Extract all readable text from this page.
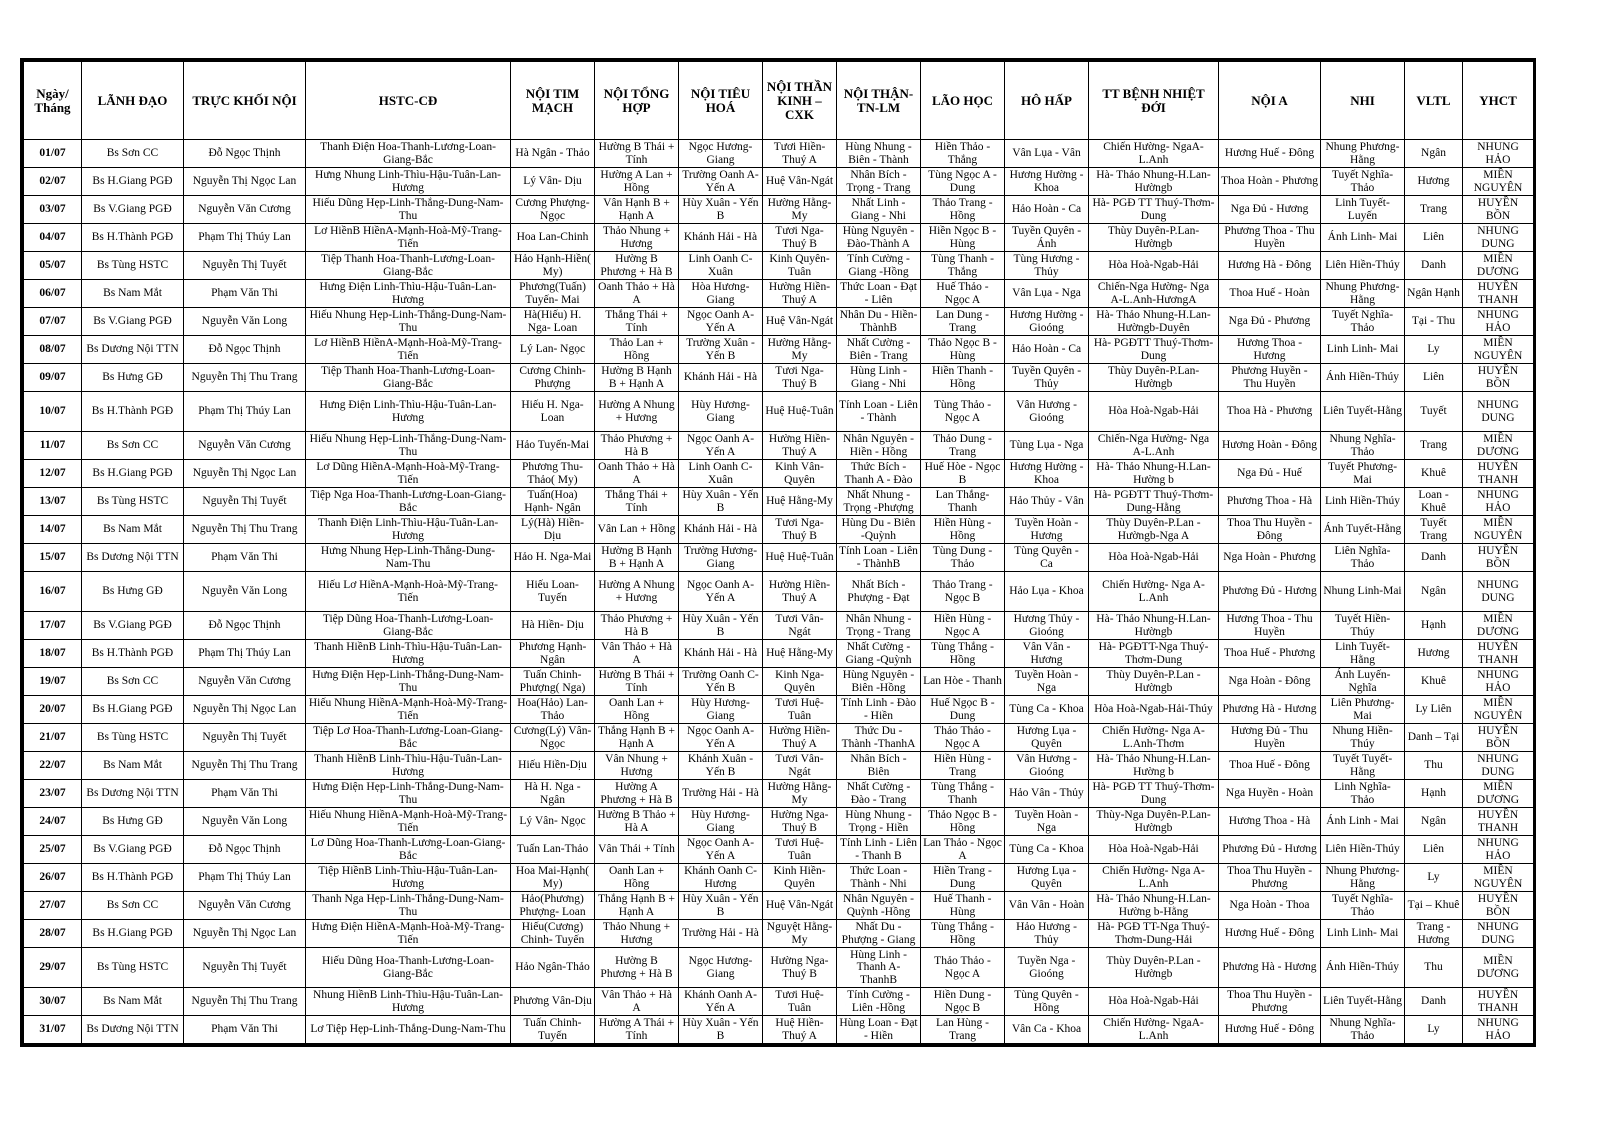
Ngày/ Tháng	LÃNH ĐẠO	TRỰC KHỐI NỘI	HSTC-CĐ	NỘI TIM MẠCH	NỘI TỔNG HỢP	NỘI TIÊU HOÁ	NỘI THẦN KINH – CXK	NỘI THẬN-TN-LM	LÃO HỌC	HÔ HẤP	TT BỆNH NHIỆT ĐỚI	NỘI A	NHI	VLTL	YHCT
01/07	Bs Sơn CC	Đỗ Ngọc Thịnh	Thanh Điện Hoa-Thanh-Lương-Loan-Giang-Bắc	Hà Ngân - Thảo	Hường B Thái + Tính	Ngọc Hương-Giang	Tươi Hiền-Thuý A	Hùng Nhung - Biên - Thành	Hiền Thảo - Thắng	Vân Lụa - Vân	Chiến Hường- NgaA-L.Anh	Hương Huế - Đông	Nhung Phương-Hằng	Ngân	NHUNG HẢO
02/07	Bs H.Giang PGĐ	Nguyễn Thị Ngọc Lan	Hưng Nhung Linh-Thìu-Hậu-Tuân-Lan-Hương	Lý Vân- Dịu	Hường A Lan + Hồng	Trường Oanh A- Yến A	Huệ Vân-Ngát	Nhân Bích - Trọng - Trang	Tùng Ngọc A - Dung	Hương Hường - Khoa	Hà- Thảo Nhung-H.Lan-Hườngb	Thoa Hoàn - Phương	Tuyết Nghĩa-Thảo	Hương	MIỀN NGUYÊN
03/07	Bs V.Giang PGĐ	Nguyễn Văn Cương	Hiếu Dũng Hẹp-Linh-Thắng-Dung-Nam-Thu	Cương Phượng-Ngọc	Vân Hạnh B + Hạnh A	Hùy Xuân - Yến B	Hường Hằng-My	Nhất Linh - Giang - Nhi	Thảo Trang - Hồng	Hảo Hoàn - Ca	Hà- PGĐ TT Thuý-Thơm-Dung	Nga Đủ - Hương	Linh Tuyết-Luyến	Trang	HUYỀN BỒN
04/07	Bs H.Thành PGĐ	Phạm Thị Thúy Lan	Lơ HiềnB HiềnA-Mạnh-Hoà-Mỹ-Trang-Tiến	Hoa Lan-Chinh	Thảo Nhung + Hương	Khánh Hải - Hà	Tươi Nga-Thuý B	Hùng Nguyên - Đào-Thành A	Hiền Ngọc B - Hùng	Tuyền Quyên - Ánh	Thùy Duyên-P.Lan-Hườngb	Phương Thoa - Thu Huyền	Ánh Linh- Mai	Liên	NHUNG DUNG
05/07	Bs Tùng HSTC	Nguyễn Thị Tuyết	Tiệp Thanh Hoa-Thanh-Lương-Loan-Giang-Bắc	Hảo Hạnh-Hiền( My)	Hường B Phương + Hà B	Linh Oanh C- Xuân	Kinh Quyên-Tuân	Tính Cường - Giang -Hồng	Tùng Thanh - Thắng	Tùng Hương - Thủy	Hòa Hoà-Ngab-Hải	Hương Hà - Đông	Liên Hiền-Thúy	Danh	MIỀN DƯƠNG
06/07	Bs Nam Mắt	Phạm Văn Thi	Hưng Điện Linh-Thìu-Hậu-Tuân-Lan-Hương	Phương(Tuấn) Tuyến- Mai	Oanh Thảo + Hà A	Hòa Hương-Giang	Hường Hiền-Thuý A	Thức Loan - Đạt - Liên	Huế Thảo - Ngọc A	Vân Lụa - Nga	Chiến-Nga Hường- Nga A-L.Anh-HươngA	Thoa Huế - Hoàn	Nhung Phương-Hằng	Ngân Hạnh	HUYỀN THANH
07/07	Bs V.Giang PGĐ	Nguyễn Văn Long	Hiếu Nhung Hẹp-Linh-Thắng-Dung-Nam-Thu	Hà(Hiếu) H. Nga- Loan	Thắng Thái + Tính	Ngọc Oanh A- Yến A	Huệ Vân-Ngát	Nhân Du - Hiền- ThànhB	Lan Dung - Trang	Hương Hường - Gioóng	Hà- Thảo Nhung-H.Lan-Hườngb-Duyên	Nga Đủ - Phương	Tuyết Nghĩa-Thảo	Tại - Thu	NHUNG HẢO
08/07	Bs Dương Nội TTN	Đỗ Ngọc Thịnh	Lơ HiềnB HiềnA-Mạnh-Hoà-Mỹ-Trang-Tiến	Lý Lan- Ngọc	Thảo Lan + Hồng	Trường Xuân - Yến B	Hường Hằng-My	Nhất Cường - Biên - Trang	Thảo Ngọc B - Hùng	Hảo Hoàn - Ca	Hà- PGĐTT Thuý-Thơm-Dung	Hương Thoa - Hương	Linh Linh- Mai	Ly	MIỀN NGUYÊN
09/07	Bs Hưng GĐ	Nguyễn Thị Thu Trang	Tiệp Thanh Hoa-Thanh-Lương-Loan-Giang-Bắc	Cương Chinh-Phượng	Hường B Hạnh B + Hạnh A	Khánh Hải - Hà	Tươi Nga-Thuý B	Hùng Linh - Giang - Nhi	Hiền Thanh - Hồng	Tuyền Quyên - Thủy	Thùy Duyên-P.Lan-Hườngb	Phương Huyền - Thu Huyền	Ánh Hiền-Thúy	Liên	HUYỀN BỒN
10/07	Bs H.Thành PGĐ	Phạm Thị Thúy Lan	Hưng Điện Linh-Thìu-Hậu-Tuân-Lan-Hương	Hiếu H. Nga-Loan	Hường A Nhung + Hương	Hùy Hương-Giang	Huệ Huệ-Tuân	Tính Loan - Liên - Thành	Tùng Thảo - Ngọc A	Vân Hương - Gioóng	Hòa Hoà-Ngab-Hải	Thoa Hà - Phương	Liên Tuyết-Hằng	Tuyết	NHUNG DUNG
11/07	Bs Sơn CC	Nguyễn Văn Cương	Hiếu Nhung Hẹp-Linh-Thắng-Dung-Nam-Thu	Hảo Tuyến-Mai	Thảo Phương + Hà B	Ngọc Oanh A- Yến A	Hường Hiền-Thuý A	Nhân Nguyên - Hiền - Hồng	Thảo Dung - Trang	Tùng Lụa - Nga	Chiến-Nga Hường- Nga A-L.Anh	Hương Hoàn - Đông	Nhung Nghĩa-Thảo	Trang	MIỀN DƯƠNG
12/07	Bs H.Giang PGĐ	Nguyễn Thị Ngọc Lan	Lơ Dũng HiềnA-Mạnh-Hoà-Mỹ-Trang-Tiến	Phương Thu-Thảo( My)	Oanh Thảo + Hà A	Linh Oanh C- Xuân	Kinh Vân-Quyên	Thức Bích - Thanh A - Đào	Huế Hòe - Ngọc B	Hương Hường - Khoa	Hà- Thảo Nhung-H.Lan-Hường b	Nga Đủ - Huế	Tuyết Phương-Mai	Khuê	HUYỀN THANH
13/07	Bs Tùng HSTC	Nguyễn Thị Tuyết	Tiệp Nga Hoa-Thanh-Lương-Loan-Giang-Bắc	Tuấn(Hoa) Hạnh- Ngân	Thắng Thái + Tính	Hùy Xuân - Yến B	Huệ Hằng-My	Nhất Nhung - Trọng -Phượng	Lan Thắng-Thanh	Hảo Thủy - Vân	Hà- PGĐTT Thuý-Thơm-Dung-Hằng	Phương Thoa - Hà	Linh Hiền-Thúy	Loan - Khuê	NHUNG HẢO
14/07	Bs Nam Mắt	Nguyễn Thị Thu Trang	Thanh Điện Linh-Thìu-Hậu-Tuân-Lan-Hương	Lý(Hà) Hiền-Dịu	Vân Lan + Hồng	Khánh Hải - Hà	Tươi Nga-Thuý B	Hùng Du - Biên -Quỳnh	Hiền Hùng - Hồng	Tuyền Hoàn - Hương	Thùy Duyên-P.Lan - Hườngb-Nga A	Thoa Thu Huyền - Đông	Ánh Tuyết-Hằng	Tuyết Trang	MIỀN NGUYÊN
15/07	Bs Dương Nội TTN	Phạm Văn Thi	Hưng Nhung Hẹp-Linh-Thắng-Dung-Nam-Thu	Hảo H. Nga-Mai	Hường B Hạnh B + Hạnh A	Trường Hương-Giang	Huệ Huệ-Tuân	Tính Loan - Liên - ThànhB	Tùng Dung - Thảo	Tùng Quyên - Ca	Hòa Hoà-Ngab-Hải	Nga Hoàn - Phương	Liên Nghĩa-Thảo	Danh	HUYỀN BỒN
16/07	Bs Hưng GĐ	Nguyễn Văn Long	Hiếu Lơ HiềnA-Mạnh-Hoà-Mỹ-Trang-Tiến	Hiếu Loan-Tuyến	Hường A Nhung + Hương	Ngọc Oanh A- Yến A	Hường Hiền-Thuý A	Nhất Bích - Phượng - Đạt	Thảo Trang - Ngọc B	Hảo Lụa - Khoa	Chiến Hường- Nga A-L.Anh	Phương Đủ - Hương	Nhung Linh-Mai	Ngân	NHUNG DUNG
17/07	Bs V.Giang PGĐ	Đỗ Ngọc Thịnh	Tiệp Dũng Hoa-Thanh-Lương-Loan-Giang-Bắc	Hà Hiền- Dịu	Thảo Phương + Hà B	Hùy Xuân - Yến B	Tươi Vân-Ngát	Nhân Nhung - Trọng - Trang	Hiền Hùng - Ngọc A	Hương Thủy - Gioóng	Hà- Thảo Nhung-H.Lan-Hườngb	Hương Thoa - Thu Huyền	Tuyết Hiền-Thúy	Hạnh	MIỀN DƯƠNG
18/07	Bs H.Thành PGĐ	Phạm Thị Thúy Lan	Thanh HiềnB Linh-Thìu-Hậu-Tuân-Lan-Hương	Phương Hạnh-Ngân	Vân Thảo + Hà A	Khánh Hải - Hà	Huệ Hằng-My	Nhất Cường - Giang -Quỳnh	Tùng Thắng - Hồng	Vân Vân - Hương	Hà- PGĐTT-Nga Thuý-Thơm-Dung	Thoa Huế - Phương	Linh Tuyết-Hằng	Hương	HUYỀN THANH
19/07	Bs Sơn CC	Nguyễn Văn Cương	Hưng Điện Hẹp-Linh-Thắng-Dung-Nam-Thu	Tuấn Chinh-Phượng( Nga)	Hường B Thái + Tính	Trường Oanh C- Yến B	Kinh Nga-Quyên	Hùng Nguyên - Biên -Hồng	Lan Hòe - Thanh	Tuyền Hoàn - Nga	Thùy Duyên-P.Lan - Hườngb	Nga Hoàn - Đông	Ánh Luyến-Nghĩa	Khuê	NHUNG HẢO
20/07	Bs H.Giang PGĐ	Nguyễn Thị Ngọc Lan	Hiếu Nhung HiềnA-Mạnh-Hoà-Mỹ-Trang-Tiến	Hoa(Hảo) Lan-Thảo	Oanh Lan + Hồng	Hùy Hương-Giang	Tươi Huệ-Tuân	Tính Linh - Đào - Hiền	Huế Ngọc B - Dung	Tùng Ca - Khoa	Hòa Hoà-Ngab-Hải-Thúy	Phương Hà - Hương	Liên Phương-Mai	Ly Liên	MIỀN NGUYÊN
21/07	Bs Tùng HSTC	Nguyễn Thị Tuyết	Tiệp Lơ Hoa-Thanh-Lương-Loan-Giang-Bắc	Cương(Lý) Vân- Ngọc	Thắng Hạnh B + Hạnh A	Ngọc Oanh A- Yến A	Hường Hiền-Thuý A	Thức Du - Thành -ThanhA	Thảo Thảo - Ngọc A	Hương Lụa - Quyên	Chiến Hường- Nga A-L.Anh-Thơm	Hương Đủ - Thu Huyền	Nhung Hiền-Thúy	Danh – Tại	HUYỀN BỒN
22/07	Bs Nam Mắt	Nguyễn Thị Thu Trang	Thanh HiềnB Linh-Thìu-Hậu-Tuân-Lan-Hương	Hiếu Hiền-Dịu	Vân Nhung + Hương	Khánh Xuân - Yến B	Tươi Vân-Ngát	Nhân Bích - Biên	Hiền Hùng - Trang	Vân Hương - Gioóng	Hà- Thảo Nhung-H.Lan-Hường b	Thoa Huế - Đông	Tuyết Tuyết-Hằng	Thu	NHUNG DUNG
23/07	Bs Dương Nội TTN	Phạm Văn Thi	Hưng Điện Hẹp-Linh-Thắng-Dung-Nam-Thu	Hà H. Nga - Ngân	Hường A Phương + Hà B	Trường Hải - Hà	Hường Hằng-My	Nhất Cường - Đào - Trang	Tùng Thắng - Thanh	Hảo Vân - Thủy	Hà- PGĐ TT Thuý-Thơm-Dung	Nga Huyền - Hoàn	Linh Nghĩa-Thảo	Hạnh	MIỀN DƯƠNG
24/07	Bs Hưng GĐ	Nguyễn Văn Long	Hiếu Nhung HiềnA-Mạnh-Hoà-Mỹ-Trang-Tiến	Lý Vân- Ngọc	Hường B Thảo + Hà A	Hùy Hương-Giang	Hường Nga-Thuý B	Hùng Nhung - Trọng - Hiền	Thảo Ngọc B - Hồng	Tuyền Hoàn - Nga	Thùy-Nga Duyên-P.Lan-Hườngb	Hương Thoa - Hà	Ánh Linh - Mai	Ngân	HUYỀN THANH
25/07	Bs V.Giang PGĐ	Đỗ Ngọc Thịnh	Lơ Dũng Hoa-Thanh-Lương-Loan-Giang-Bắc	Tuấn Lan-Thảo	Vân Thái + Tính	Ngọc Oanh A- Yến A	Tươi Huệ-Tuân	Tính Linh - Liên - Thanh B	Lan Thảo - Ngọc A	Tùng Ca - Khoa	Hòa Hoà-Ngab-Hải	Phương Đủ - Hương	Liên Hiền-Thúy	Liên	NHUNG HẢO
26/07	Bs H.Thành PGĐ	Phạm Thị Thúy Lan	Tiệp HiềnB Linh-Thìu-Hậu-Tuân-Lan-Hương	Hoa Mai-Hạnh( My)	Oanh Lan + Hồng	Khánh Oanh C-Hương	Kinh Hiền-Quyên	Thức Loan - Thành - Nhi	Hiền Trang - Dung	Hương Lụa - Quyên	Chiến Hường- Nga A-L.Anh	Thoa Thu Huyền - Phương	Nhung Phương-Hằng	Ly	MIỀN NGUYÊN
27/07	Bs Sơn CC	Nguyễn Văn Cương	Thanh Nga Hẹp-Linh-Thắng-Dung-Nam-Thu	Hảo(Phương) Phượng- Loan	Thắng Hạnh B + Hạnh A	Hùy Xuân - Yến B	Huệ Vân-Ngát	Nhân Nguyên - Quỳnh -Hồng	Huế Thanh - Hùng	Vân Vân - Hoàn	Hà- Thảo Nhung-H.Lan-Hường b-Hằng	Nga Hoàn - Thoa	Tuyết Nghĩa-Thảo	Tại – Khuê	HUYỀN BỒN
28/07	Bs H.Giang PGĐ	Nguyễn Thị Ngọc Lan	Hưng Điện HiềnA-Mạnh-Hoà-Mỹ-Trang-Tiến	Hiếu(Cương) Chinh- Tuyến	Thảo Nhung + Hương	Trường Hải - Hà	Nguyệt Hằng- My	Nhất Du - Phượng - Giang	Tùng Thắng - Hồng	Hảo Hương - Thủy	Hà- PGĐ TT-Nga Thuý-Thơm-Dung-Hải	Hương Huế - Đông	Linh Linh- Mai	Trang - Hương	NHUNG DUNG
29/07	Bs Tùng HSTC	Nguyễn Thị Tuyết	Hiếu Dũng Hoa-Thanh-Lương-Loan-Giang-Bắc	Hảo Ngân-Thảo	Hường B Phương + Hà B	Ngọc Hương-Giang	Hường Nga-Thuý B	Hùng Linh - Thanh A-ThanhB	Thảo Thảo - Ngọc A	Tuyền Nga - Gioóng	Thùy Duyên-P.Lan - Hườngb	Phương Hà - Hương	Ánh Hiền-Thúy	Thu	MIỀN DƯƠNG
30/07	Bs Nam Mắt	Nguyễn Thị Thu Trang	Nhung HiềnB Linh-Thìu-Hậu-Tuân-Lan-Hương	Phương Vân-Dịu	Vân Thảo + Hà A	Khánh Oanh A- Yến A	Tươi Huệ-Tuân	Tính Cường - Liên -Hồng	Hiền Dung - Ngọc B	Tùng Quyên - Hồng	Hòa Hoà-Ngab-Hải	Thoa Thu Huyền - Phương	Liên Tuyết-Hằng	Danh	HUYỀN THANH
31/07	Bs Dương Nội TTN	Phạm Văn Thi	Lơ Tiệp Hẹp-Linh-Thắng-Dung-Nam-Thu	Tuấn Chinh-Tuyến	Hường A Thái + Tính	Hùy Xuân - Yến B	Huệ Hiền-Thuý A	Hùng Loan - Đạt - Hiền	Lan Hùng - Trang	Vân Ca - Khoa	Chiến Hường- NgaA-L.Anh	Hương Huế - Đông	Nhung Nghĩa-Thảo	Ly	NHUNG HẢO
